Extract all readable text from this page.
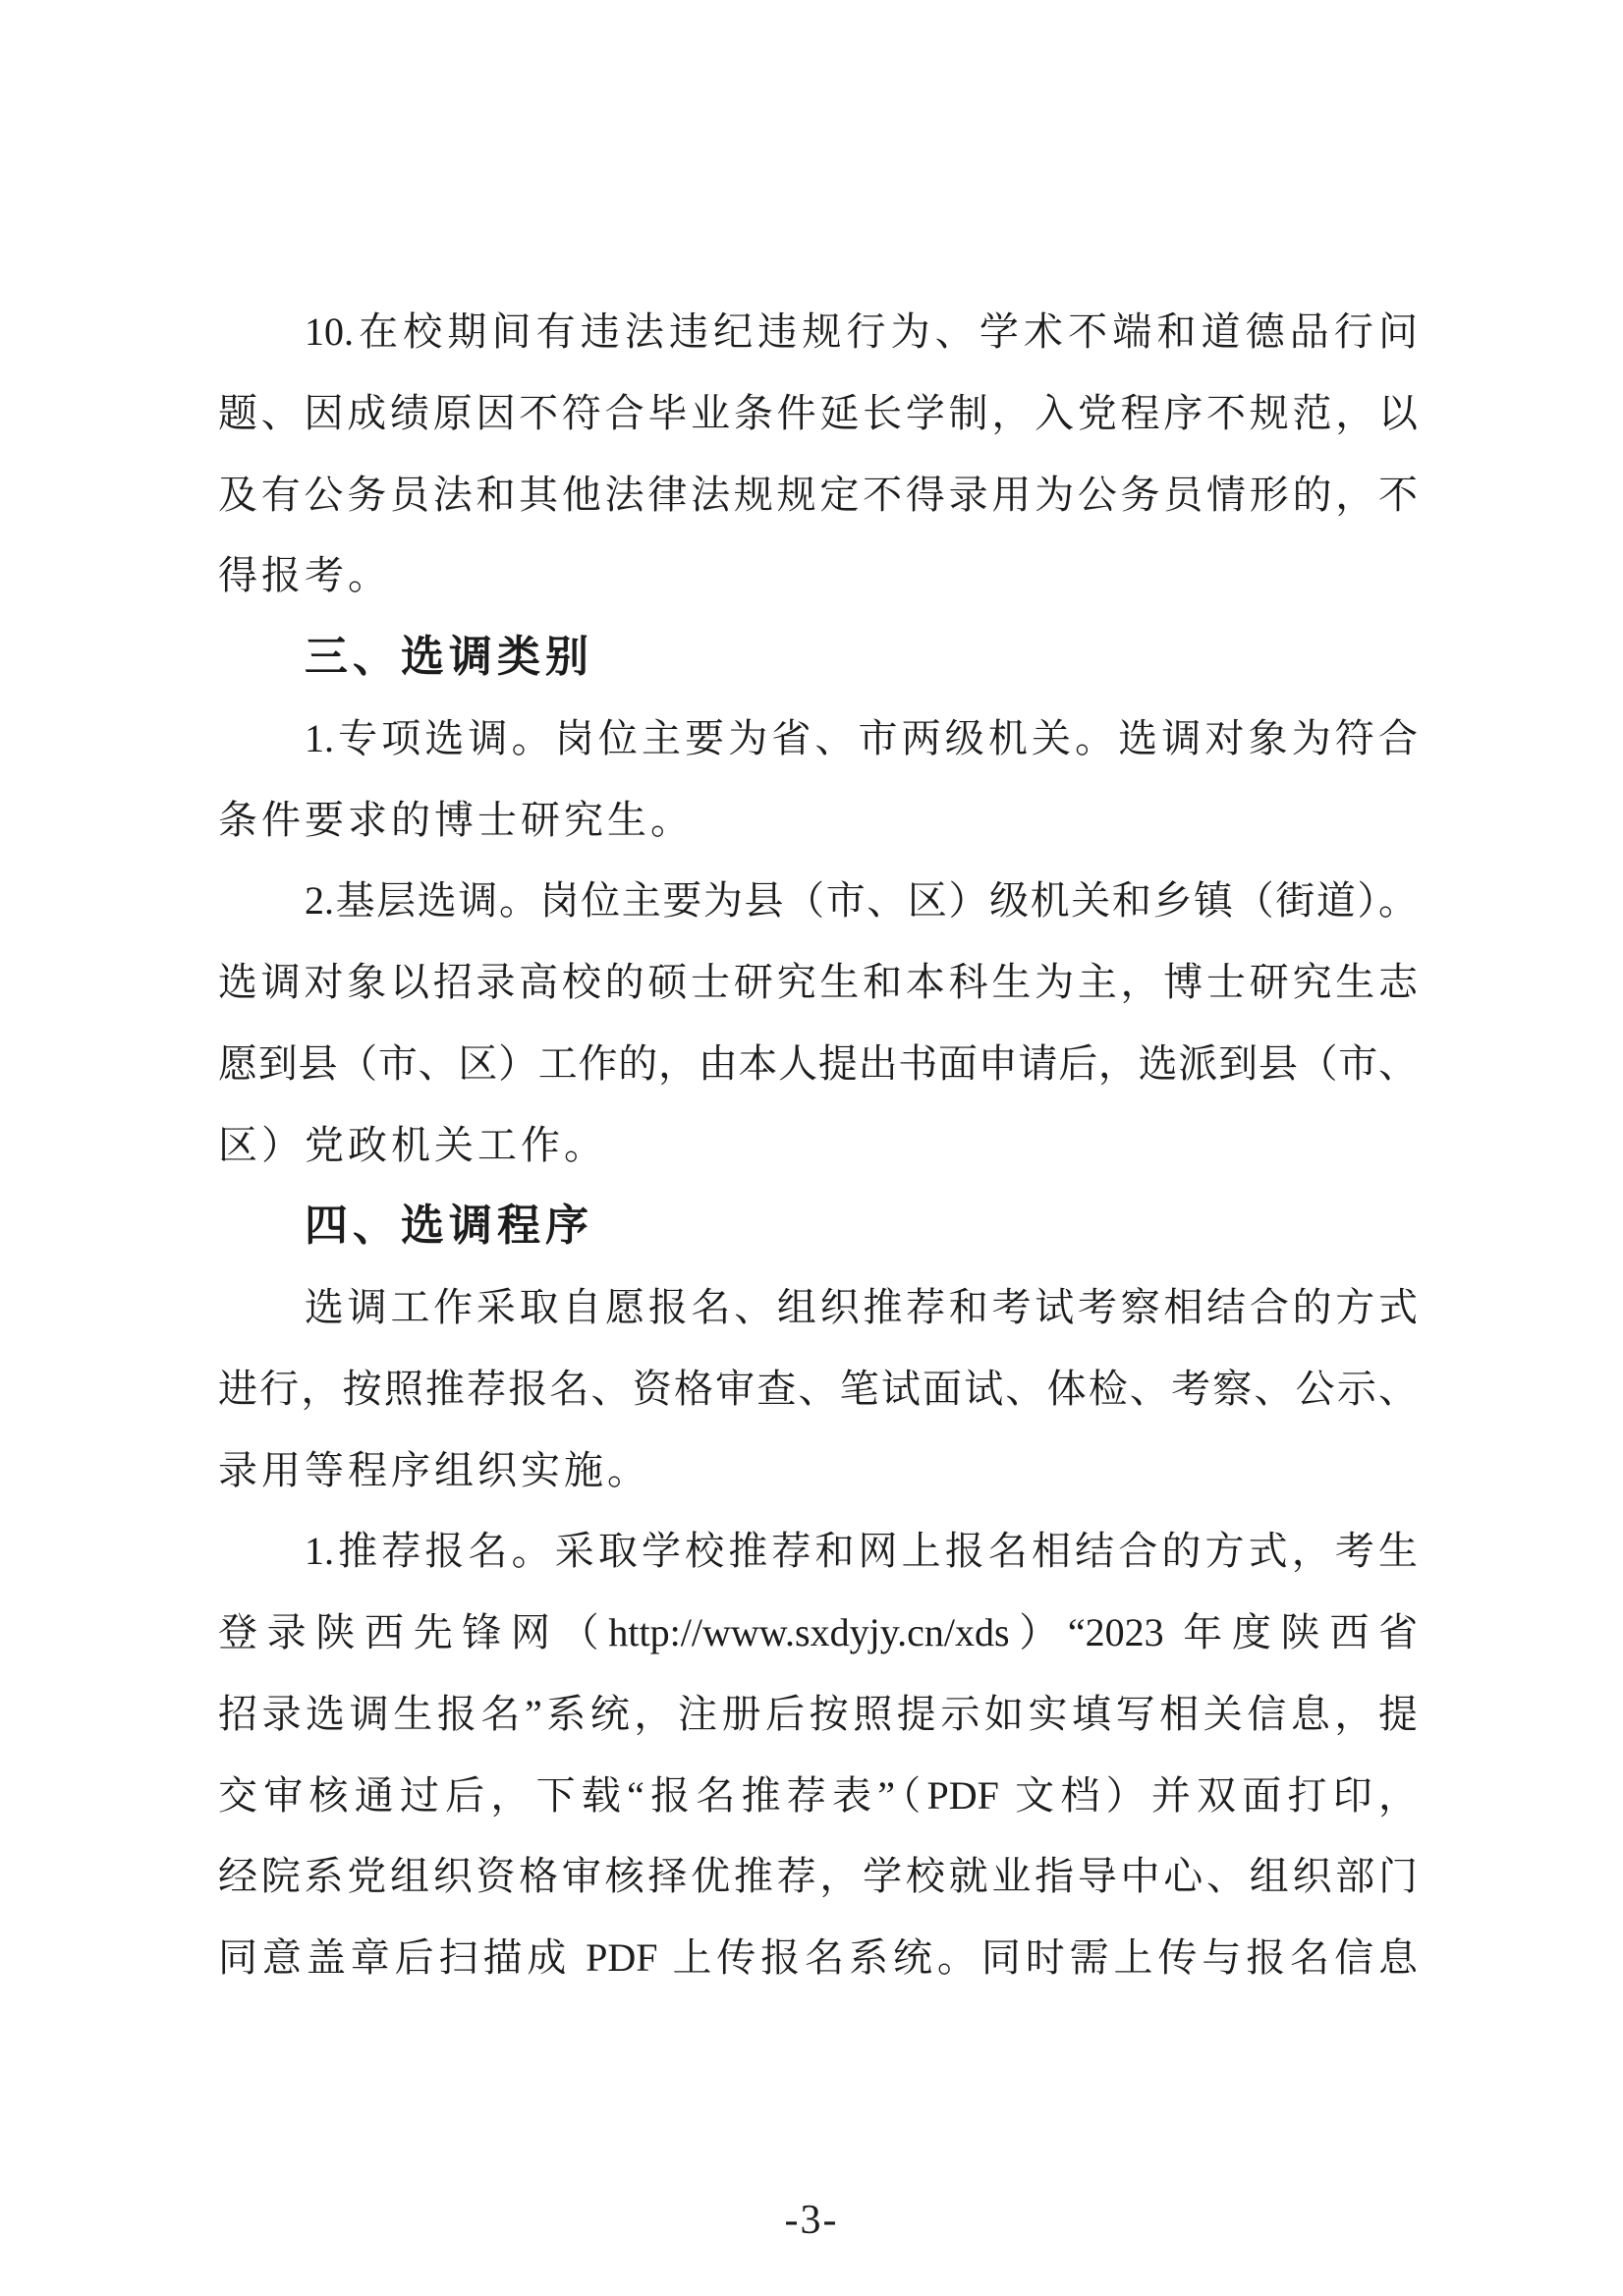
10.在校期间有违法违纪违规行为、学术不端和道德品行问
题、因成绩原因不符合毕业条件延长学制，入党程序不规范，以
及有公务员法和其他法律法规规定不得录用为公务员情形的，不
得报考。
三、选调类别
1.专项选调。岗位主要为省、市两级机关。选调对象为符合
条件要求的博士研究生。
2.基层选调。岗位主要为县（市、区）级机关和乡镇（街道）。
选调对象以招录高校的硕士研究生和本科生为主，博士研究生志
愿到县（市、区）工作的，由本人提出书面申请后，选派到县（市、
区）党政机关工作。
四、选调程序
选调工作采取自愿报名、组织推荐和考试考察相结合的方式
进行，按照推荐报名、资格审查、笔试面试、体检、考察、公示、
录用等程序组织实施。
1.推荐报名。采取学校推荐和网上报名相结合的方式，考生
登录陕西先锋网（http://www.sxdyjy.cn/xds）“2023 年度陕西省
招录选调生报名”系统，注册后按照提示如实填写相关信息，提
交审核通过后，下载“报名推荐表”（PDF 文档）并双面打印，
经院系党组织资格审核择优推荐，学校就业指导中心、组织部门
同意盖章后扫描成 PDF 上传报名系统。同时需上传与报名信息
-3-
